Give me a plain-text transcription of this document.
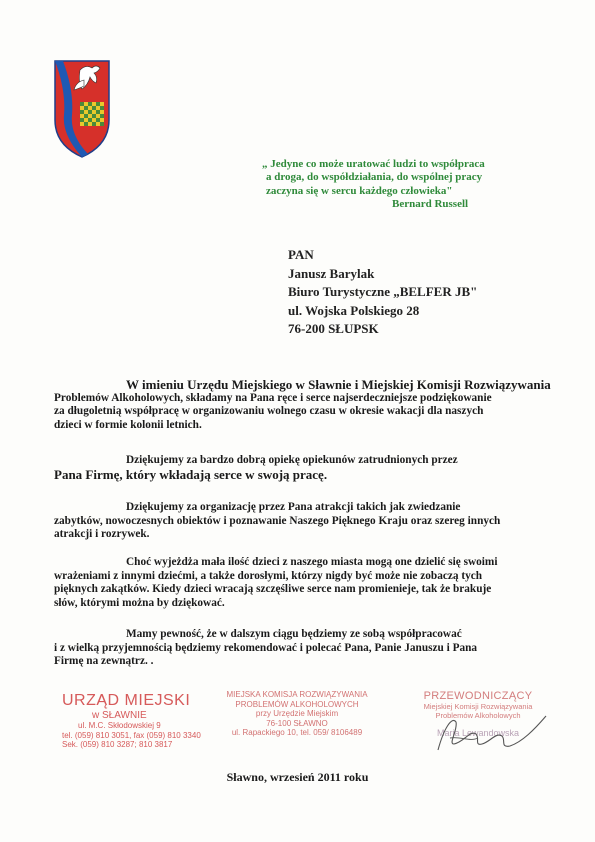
„ Jedyne co może uratować ludzi to współpraca
a droga, do współdziałania, do wspólnej pracy
zaczyna się w sercu każdego człowieka"
Bernard Russell
PAN
Janusz Barylak
Biuro Turystyczne „BELFER JB"
ul. Wojska Polskiego 28
76-200 SŁUPSK
W imieniu Urzędu Miejskiego w Sławnie i Miejskiej Komisji Rozwiązywania
Problemów Alkoholowych, składamy na Pana ręce i serce najserdeczniejsze podziękowanie
za długoletnią współpracę w organizowaniu wolnego czasu w okresie wakacji dla naszych
dzieci w formie kolonii letnich.
Dziękujemy za bardzo dobrą opiekę opiekunów zatrudnionych przez
Pana Firmę, który wkładają serce w swoją pracę.
Dziękujemy za organizację przez Pana atrakcji takich jak zwiedzanie
zabytków, nowoczesnych obiektów i poznawanie Naszego Pięknego Kraju oraz szereg innych
atrakcji i rozrywek.
Choć wyjeżdża mała ilość dzieci z naszego miasta mogą one dzielić się swoimi
wrażeniami z innymi dziećmi, a także dorosłymi, którzy nigdy być może nie zobaczą tych
pięknych zakątków. Kiedy dzieci wracają szczęśliwe serce nam promienieje, tak że brakuje
słów, którymi można by dziękować.
Mamy pewność, że w dalszym ciągu będziemy ze sobą współpracować
i z wielką przyjemnością będziemy rekomendować i polecać Pana, Panie Januszu i Pana
Firmę na zewnątrz. .
URZĄD MIEJSKI
w SŁAWNIE
ul. M.C. Skłodowskiej 9
tel. (059) 810 3051, fax (059) 810 3340
Sek. (059) 810 3287; 810 3817
MIEJSKA KOMISJA ROZWIĄZYWANIA
PROBLEMÓW ALKOHOLOWYCH
przy Urzędzie Miejskim
76-100 SŁAWNO
ul. Rapackiego 10, tel. 059/ 8106489
PRZEWODNICZĄCY
Miejskiej Komisji Rozwiązywania
Problemów Alkoholowych
Maria Lewandowska
Sławno, wrzesień 2011 roku
